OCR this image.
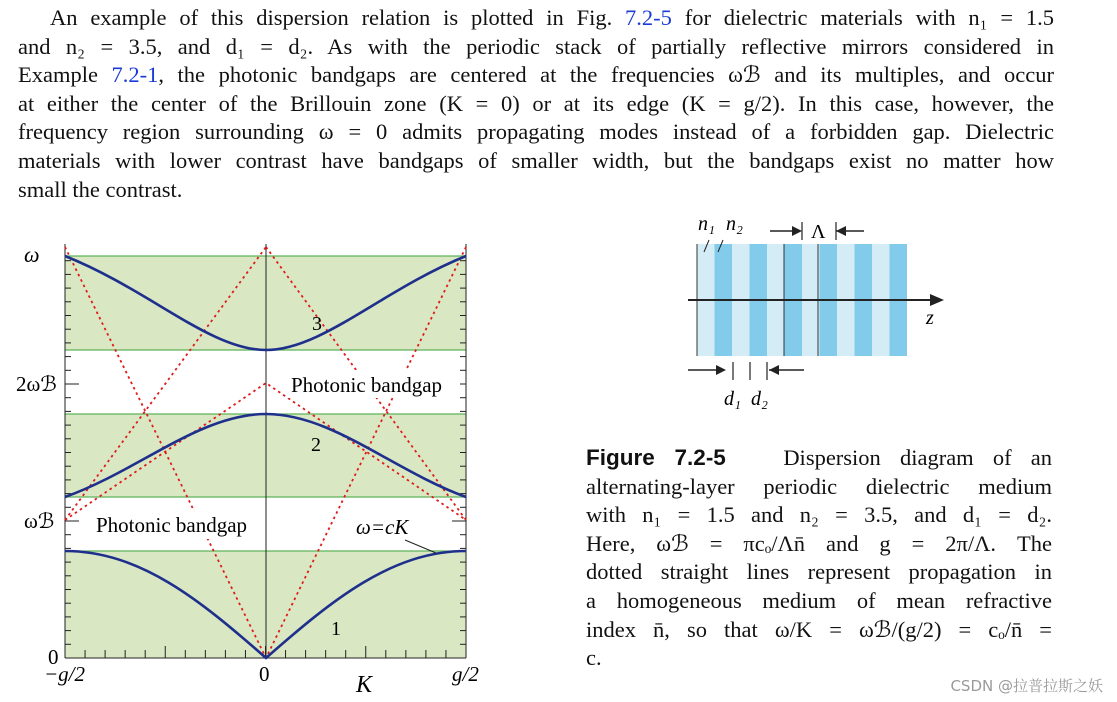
An example of this dispersion relation is plotted in Fig. 7.2-5 for dielectric materials with n₁ = 1.5
and n₂ = 3.5, and d₁ = d₂. As with the periodic stack of partially reflective mirrors considered in
Example 7.2-1, the photonic bandgaps are centered at the frequencies ωℬ and its multiples, and occur
at either the center of the Brillouin zone (K = 0) or at its edge (K = g/2). In this case, however, the
frequency region surrounding ω = 0 admits propagating modes instead of a forbidden gap. Dielectric
materials with lower contrast have bandgaps of smaller width, but the bandgaps exist no matter how
small the contrast.
ω
2ωℬ
ωℬ
0
−g/2	0	g/2
K
Photonic bandgap
Photonic bandgap
1
2
3
ω=cK
z
n₁ n₂	Λ
d₁ d₂
Figure 7.2-5	Dispersion diagram of an
alternating-layer periodic dielectric medium
with n₁ = 1.5 and n₂ = 3.5, and d₁ = d₂.
Here, ωℬ = πcₒ/Λn̄ and g = 2π/Λ. The
dotted straight lines represent propagation in
a homogeneous medium of mean refractive
index n̄, so that ω/K = ωℬ/(g/2) = cₒ/n̄ =
c.
CSDN @拉普拉斯之妖
